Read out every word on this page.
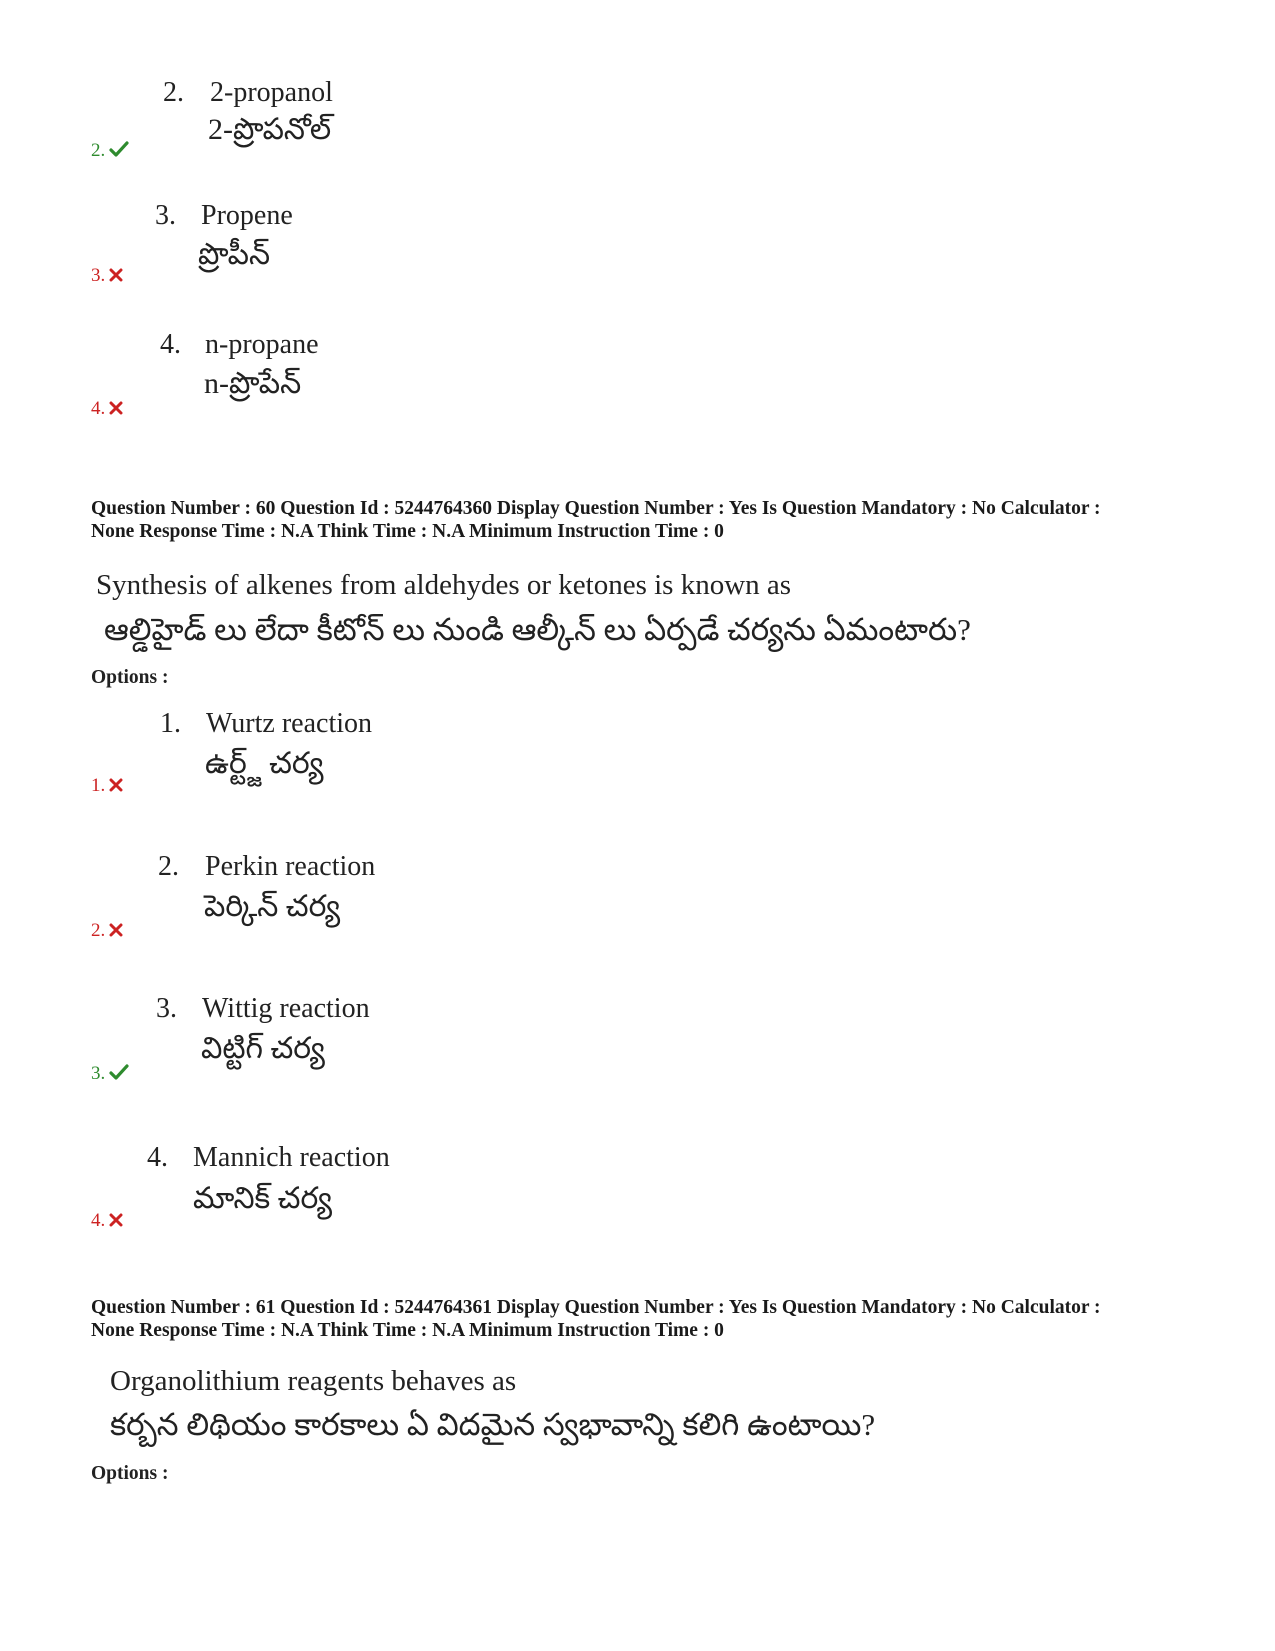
2. 2-propanol
2-ప్రొపనోల్
2.
3. Propene
ప్రొపీన్
3.
4. n-propane
n-ప్రొపేన్
4.
Question Number : 60 Question Id : 5244764360 Display Question Number : Yes Is Question Mandatory : No Calculator :
None Response Time : N.A Think Time : N.A Minimum Instruction Time : 0
Synthesis of alkenes from aldehydes or ketones is known as
ఆల్డిహైడ్ లు లేదా కీటోన్ లు నుండి ఆల్కీన్ లు ఏర్పడే చర్యను ఏమంటారు?
Options :
1. Wurtz reaction
ఉర్ట్జ్ చర్య
1.
2. Perkin reaction
పెర్కిన్ చర్య
2.
3. Wittig reaction
విట్టిగ్ చర్య
3.
4. Mannich reaction
మానిక్ చర్య
4.
Question Number : 61 Question Id : 5244764361 Display Question Number : Yes Is Question Mandatory : No Calculator :
None Response Time : N.A Think Time : N.A Minimum Instruction Time : 0
Organolithium reagents behaves as
కర్బన లిథియం కారకాలు ఏ విదమైన స్వభావాన్ని కలిగి ఉంటాయి?
Options :
